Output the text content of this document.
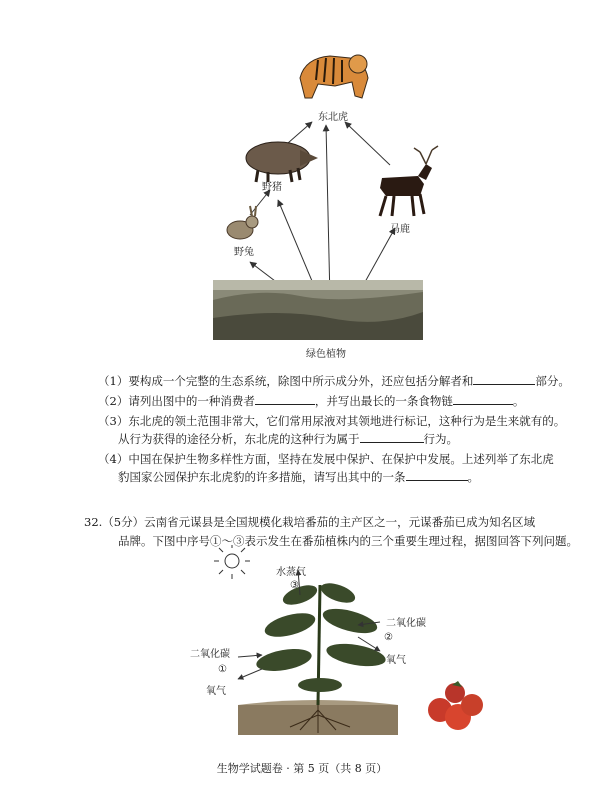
东北虎
野猪
马鹿
野兔
绿色植物
（1）要构成一个完整的生态系统，除图中所示成分外，还应包括分解者和	部分。
（2）请列出图中的一种消费者	，并写出最长的一条食物链	。
（3）东北虎的领土范围非常大，它们常用尿液对其领地进行标记，这种行为是生来就有的。
从行为获得的途径分析，东北虎的这种行为属于	行为。
（4）中国在保护生物多样性方面，坚持在发展中保护、在保护中发展。上述列举了东北虎
豹国家公园保护东北虎豹的许多措施，请写出其中的一条	。
32.（5分）云南省元谋县是全国规模化栽培番茄的主产区之一，元谋番茄已成为知名区域
品牌。下图中序号①～③表示发生在番茄植株内的三个重要生理过程，据图回答下列问题。
水蒸气
③
二氧化碳
②
氧气
二氧化碳
①
氧气
生物学试题卷 · 第 5 页（共 8 页）
